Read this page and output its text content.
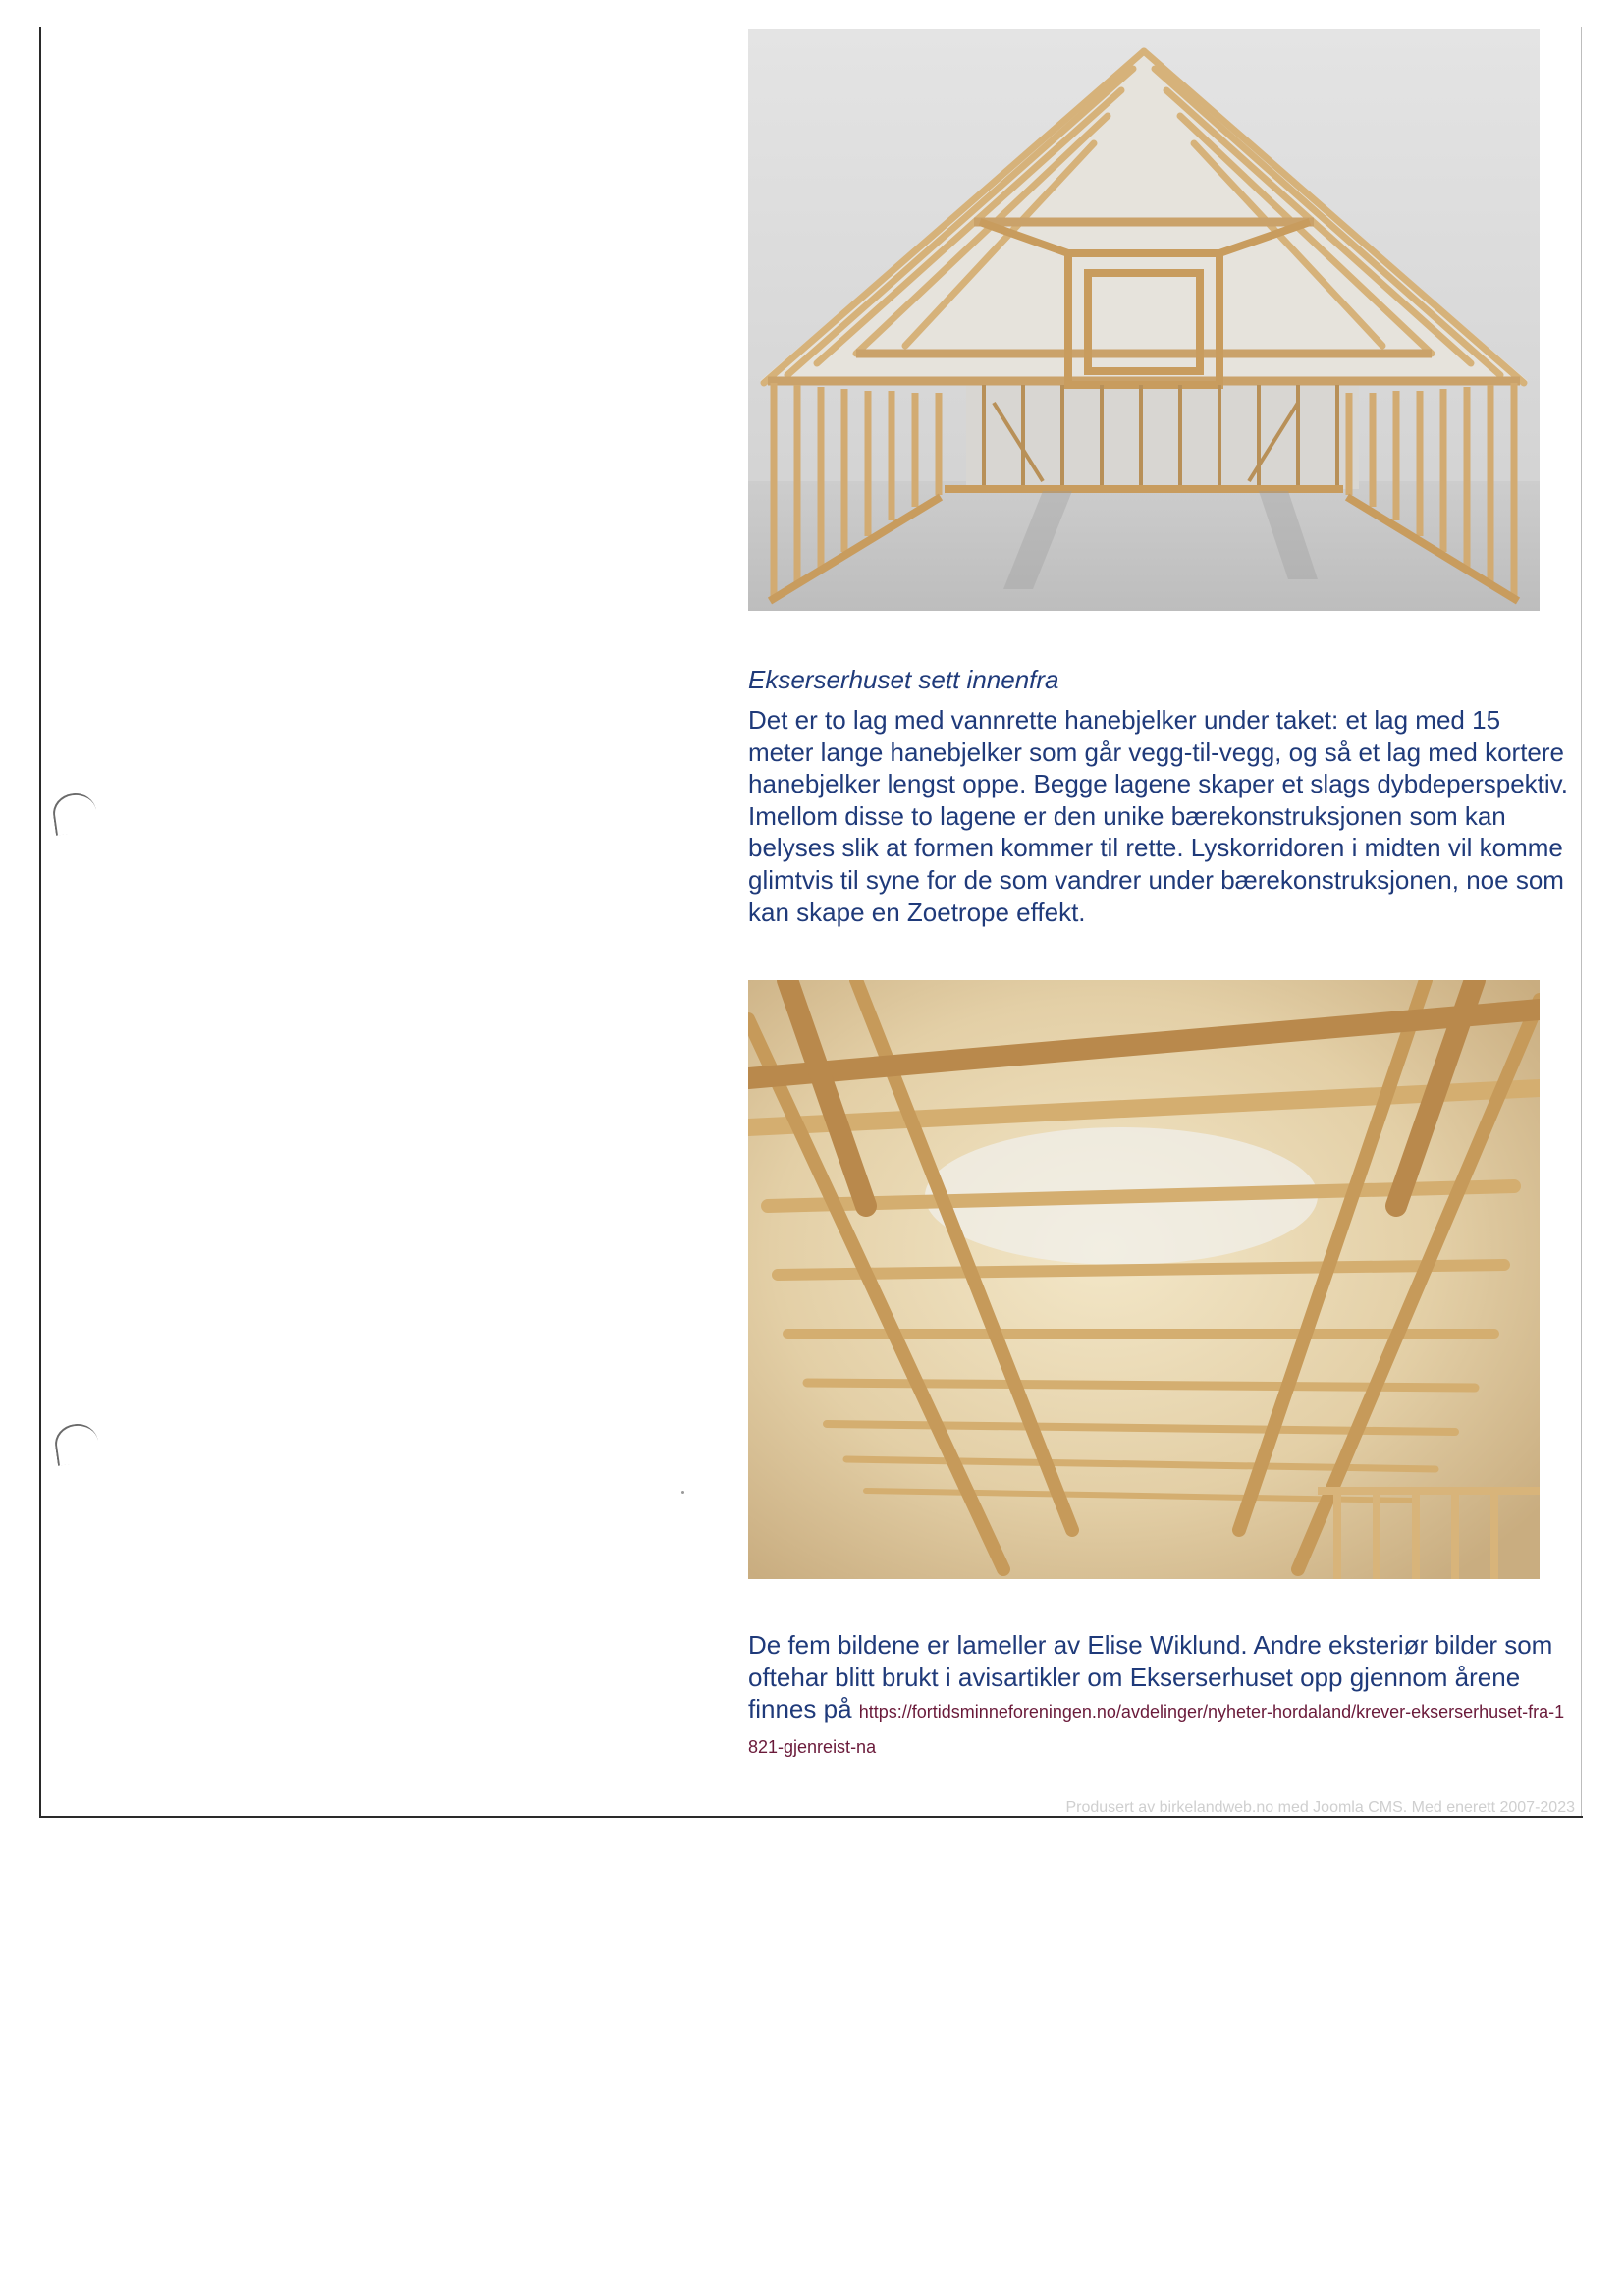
Ekserserhuset sett innenfra
Det er to lag med vannrette hanebjelker under taket: et lag med 15 meter lange hanebjelker som går vegg-til-vegg, og så et lag med kortere hanebjelker lengst oppe. Begge lagene skaper et slags dybdeperspektiv. Imellom disse to lagene er den unike bærekonstruksjonen som kan belyses slik at formen kommer til rette. Lyskorridoren i midten vil komme glimtvis til syne for de som vandrer under bærekonstruksjonen, noe som kan skape en Zoetrope effekt.
De fem bildene er lameller av Elise Wiklund. Andre eksteriør bilder som oftehar blitt brukt i avisartikler om Ekserserhuset opp gjennom årene finnes på https://fortidsminneforeningen.no/avdelinger/nyheter-hordaland/krever-ekserserhuset-fra-1821-gjenreist-na
Produsert av birkelandweb.no med Joomla CMS. Med enerett 2007-2023
